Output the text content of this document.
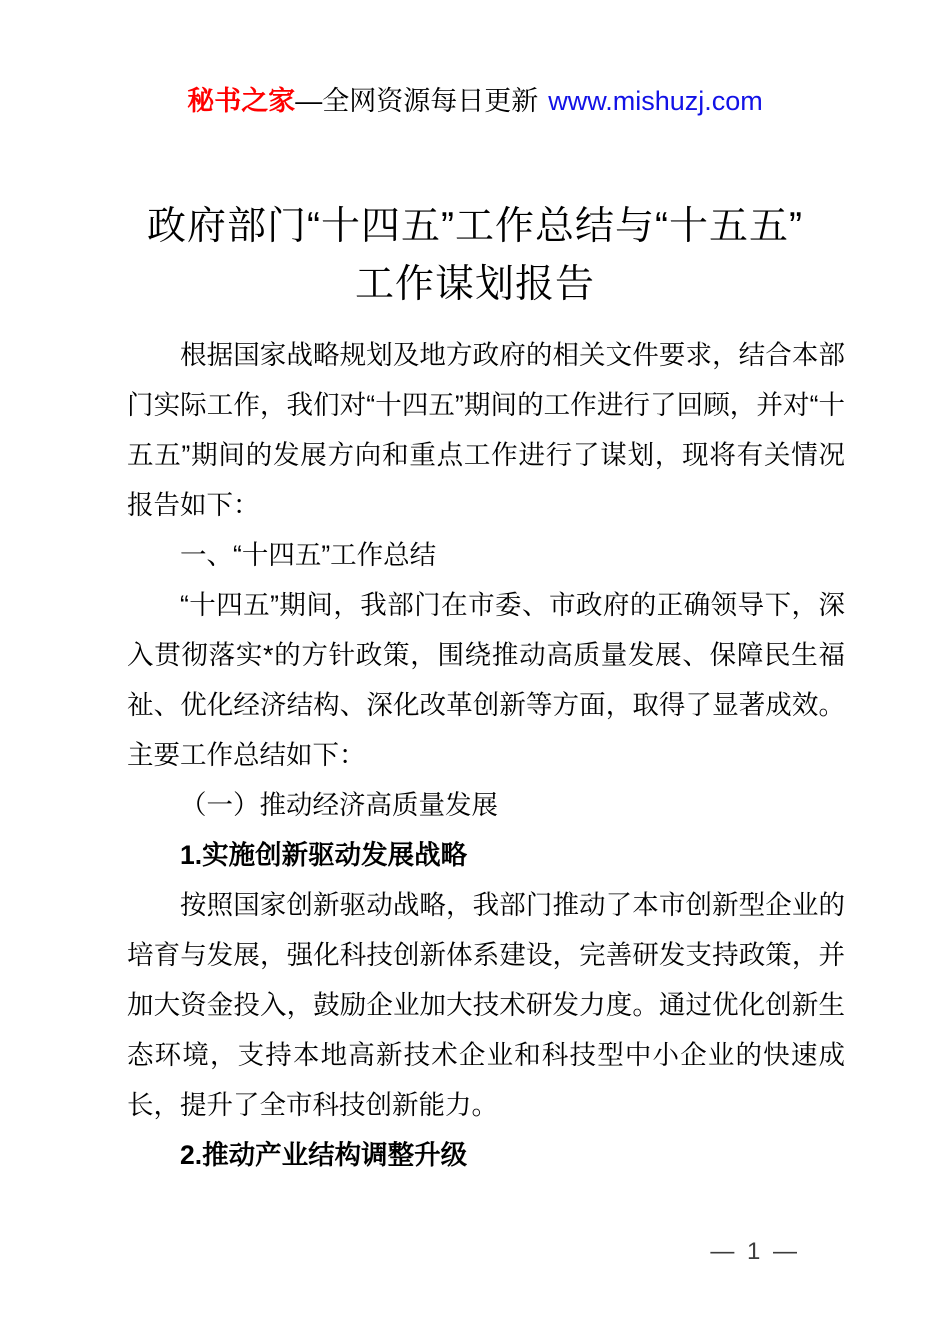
秘书之家—全网资源每日更新 www.mishuzj.com
政府部门“十四五”工作总结与“十五五”
工作谋划报告

根据国家战略规划及地方政府的相关文件要求，结合本部门实际工作，我们对“十四五”期间的工作进行了回顾，并对“十五五”期间的发展方向和重点工作进行了谋划，现将有关情况报告如下：

一、“十四五”工作总结

“十四五”期间，我部门在市委、市政府的正确领导下，深入贯彻落实*的方针政策，围绕推动高质量发展、保障民生福祉、优化经济结构、深化改革创新等方面，取得了显著成效。主要工作总结如下：

（一）推动经济高质量发展

1.实施创新驱动发展战略

按照国家创新驱动战略，我部门推动了本市创新型企业的培育与发展，强化科技创新体系建设，完善研发支持政策，并加大资金投入，鼓励企业加大技术研发力度。通过优化创新生态环境，支持本地高新技术企业和科技型中小企业的快速成长，提升了全市科技创新能力。

2.推动产业结构调整升级

— 1 —
